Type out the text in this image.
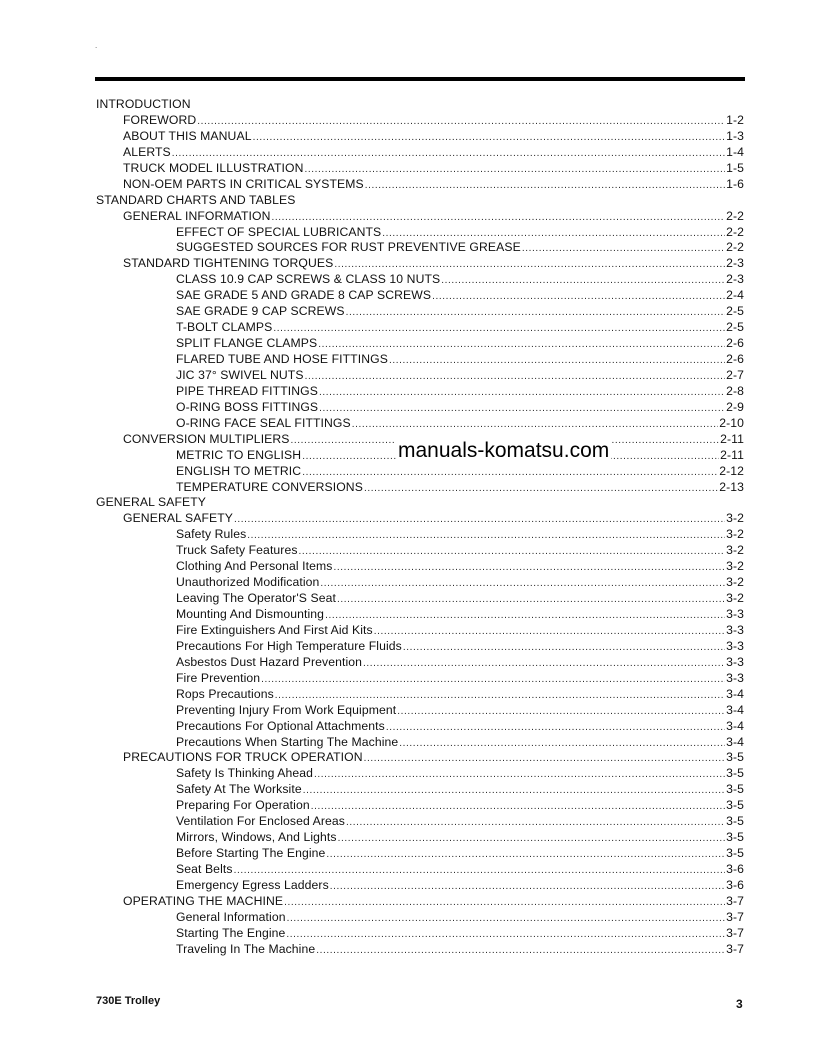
.
INTRODUCTION
FOREWORD .....	1-2
ABOUT THIS MANUAL .....	1-3
ALERTS .....	1-4
TRUCK MODEL ILLUSTRATION .....	1-5
NON-OEM PARTS IN CRITICAL SYSTEMS .....	1-6
STANDARD CHARTS AND TABLES
GENERAL INFORMATION .....	2-2
EFFECT OF SPECIAL LUBRICANTS .....	2-2
SUGGESTED SOURCES FOR RUST PREVENTIVE GREASE .....	2-2
STANDARD TIGHTENING TORQUES .....	2-3
CLASS 10.9 CAP SCREWS & CLASS 10 NUTS .....	2-3
SAE GRADE 5 AND GRADE 8 CAP SCREWS .....	2-4
SAE GRADE 9 CAP SCREWS .....	2-5
T-BOLT CLAMPS .....	2-5
SPLIT FLANGE CLAMPS .....	2-6
FLARED TUBE AND HOSE FITTINGS .....	2-6
JIC 37° SWIVEL NUTS .....	2-7
PIPE THREAD FITTINGS .....	2-8
O-RING BOSS FITTINGS .....	2-9
O-RING FACE SEAL FITTINGS .....	2-10
CONVERSION MULTIPLIERS .....	2-11
METRIC TO ENGLISH .....	2-11
ENGLISH TO METRIC .....	2-12
TEMPERATURE CONVERSIONS .....	2-13
GENERAL SAFETY
GENERAL SAFETY .....	3-2
Safety Rules .....	3-2
Truck Safety Features .....	3-2
Clothing And Personal Items .....	3-2
Unauthorized Modification .....	3-2
Leaving The Operator'S Seat .....	3-2
Mounting And Dismounting .....	3-3
Fire Extinguishers And First Aid Kits .....	3-3
Precautions For High Temperature Fluids .....	3-3
Asbestos Dust Hazard Prevention .....	3-3
Fire Prevention .....	3-3
Rops Precautions .....	3-4
Preventing Injury From Work Equipment .....	3-4
Precautions For Optional Attachments .....	3-4
Precautions When Starting The Machine .....	3-4
PRECAUTIONS FOR TRUCK OPERATION .....	3-5
Safety Is Thinking Ahead .....	3-5
Safety At The Worksite .....	3-5
Preparing For Operation .....	3-5
Ventilation For Enclosed Areas .....	3-5
Mirrors, Windows, And Lights .....	3-5
Before Starting The Engine .....	3-5
Seat Belts .....	3-6
Emergency Egress Ladders .....	3-6
OPERATING THE MACHINE .....	3-7
General Information .....	3-7
Starting The Engine .....	3-7
Traveling In The Machine .....	3-7
manuals-komatsu.com
730E Trolley	3
